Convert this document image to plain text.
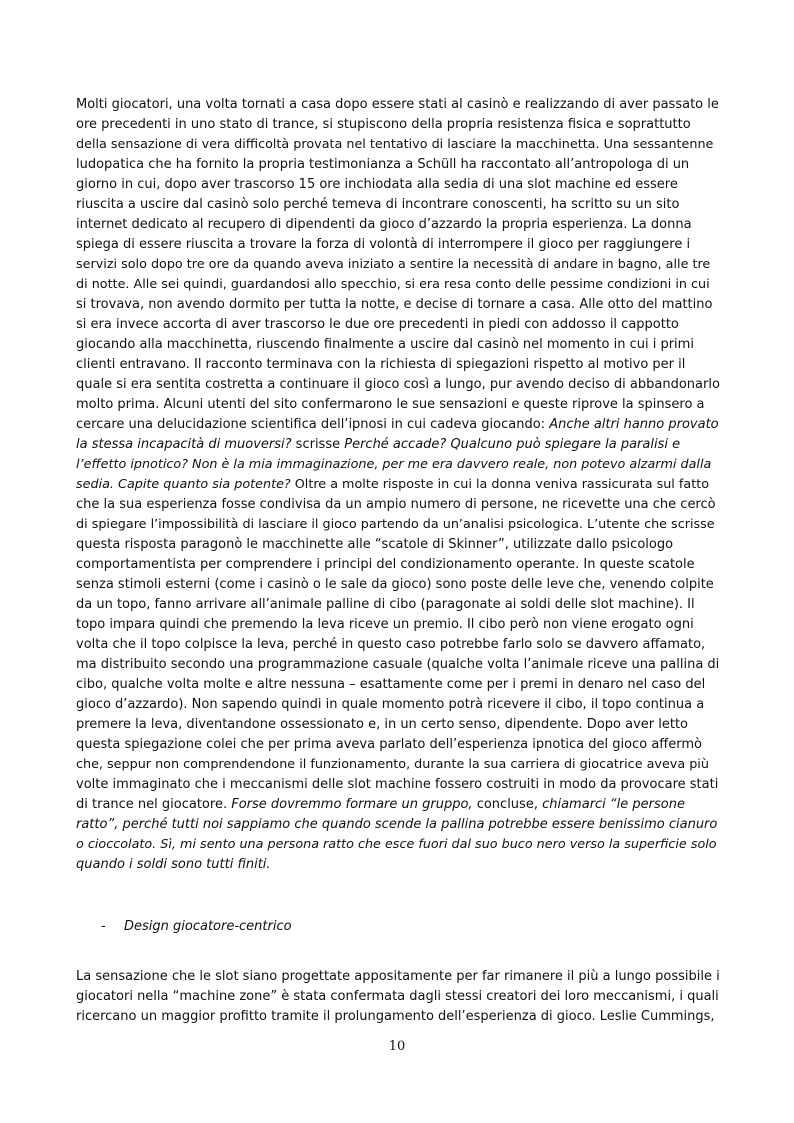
Molti giocatori, una volta tornati a casa dopo essere stati al casinò e realizzando di aver passato le
ore precedenti in uno stato di trance, si stupiscono della propria resistenza fisica e soprattutto
della sensazione di vera difficoltà provata nel tentativo di lasciare la macchinetta. Una sessantenne
ludopatica che ha fornito la propria testimonianza a Schüll ha raccontato all’antropologa di un
giorno in cui, dopo aver trascorso 15 ore inchiodata alla sedia di una slot machine ed essere
riuscita a uscire dal casinò solo perché temeva di incontrare conoscenti, ha scritto su un sito
internet dedicato al recupero di dipendenti da gioco d’azzardo la propria esperienza. La donna
spiega di essere riuscita a trovare la forza di volontà di interrompere il gioco per raggiungere i
servizi solo dopo tre ore da quando aveva iniziato a sentire la necessità di andare in bagno, alle tre
di notte. Alle sei quindi, guardandosi allo specchio, si era resa conto delle pessime condizioni in cui
si trovava, non avendo dormito per tutta la notte, e decise di tornare a casa. Alle otto del mattino
si era invece accorta di aver trascorso le due ore precedenti in piedi con addosso il cappotto
giocando alla macchinetta, riuscendo finalmente a uscire dal casinò nel momento in cui i primi
clienti entravano. Il racconto terminava con la richiesta di spiegazioni rispetto al motivo per il
quale si era sentita costretta a continuare il gioco così a lungo, pur avendo deciso di abbandonarlo
molto prima. Alcuni utenti del sito confermarono le sue sensazioni e queste riprove la spinsero a
cercare una delucidazione scientifica dell’ipnosi in cui cadeva giocando: Anche altri hanno provato
la stessa incapacità di muoversi? scrisse Perché accade? Qualcuno può spiegare la paralisi e
l’effetto ipnotico? Non è la mia immaginazione, per me era davvero reale, non potevo alzarmi dalla
sedia. Capite quanto sia potente? Oltre a molte risposte in cui la donna veniva rassicurata sul fatto
che la sua esperienza fosse condivisa da un ampio numero di persone, ne ricevette una che cercò
di spiegare l’impossibilità di lasciare il gioco partendo da un’analisi psicologica. L’utente che scrisse
questa risposta paragonò le macchinette alle “scatole di Skinner”, utilizzate dallo psicologo
comportamentista per comprendere i principi del condizionamento operante. In queste scatole
senza stimoli esterni (come i casinò o le sale da gioco) sono poste delle leve che, venendo colpite
da un topo, fanno arrivare all’animale palline di cibo (paragonate ai soldi delle slot machine). Il
topo impara quindi che premendo la leva riceve un premio. Il cibo però non viene erogato ogni
volta che il topo colpisce la leva, perché in questo caso potrebbe farlo solo se davvero affamato,
ma distribuito secondo una programmazione casuale (qualche volta l’animale riceve una pallina di
cibo, qualche volta molte e altre nessuna – esattamente come per i premi in denaro nel caso del
gioco d’azzardo). Non sapendo quindi in quale momento potrà ricevere il cibo, il topo continua a
premere la leva, diventandone ossessionato e, in un certo senso, dipendente. Dopo aver letto
questa spiegazione colei che per prima aveva parlato dell’esperienza ipnotica del gioco affermò
che, seppur non comprendendone il funzionamento, durante la sua carriera di giocatrice aveva più
volte immaginato che i meccanismi delle slot machine fossero costruiti in modo da provocare stati
di trance nel giocatore. Forse dovremmo formare un gruppo, concluse, chiamarci “le persone
ratto”, perché tutti noi sappiamo che quando scende la pallina potrebbe essere benissimo cianuro
o cioccolato. Sì, mi sento una persona ratto che esce fuori dal suo buco nero verso la superficie solo
quando i soldi sono tutti finiti.
- Design giocatore-centrico
La sensazione che le slot siano progettate appositamente per far rimanere il più a lungo possibile i
giocatori nella “machine zone” è stata confermata dagli stessi creatori dei loro meccanismi, i quali
ricercano un maggior profitto tramite il prolungamento dell’esperienza di gioco. Leslie Cummings,
10
